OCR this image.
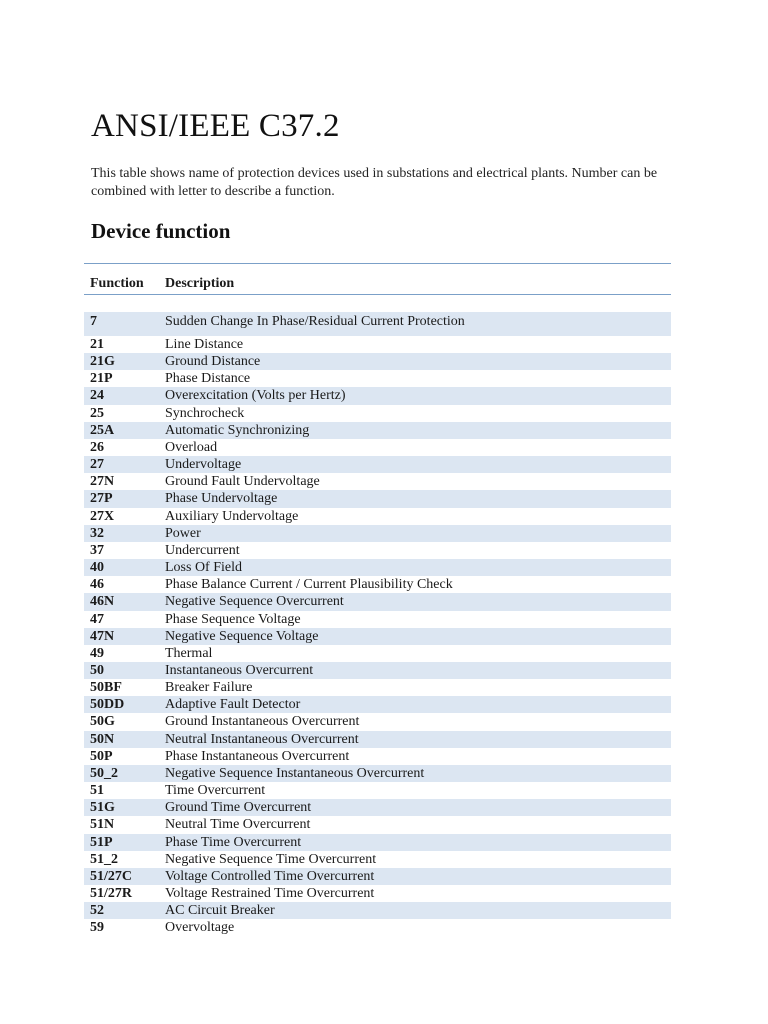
ANSI/IEEE C37.2

This table shows name of protection devices used in substations and electrical plants. Number can be combined with letter to describe a function.

Device function
Function Description
7	Sudden Change In Phase/Residual Current Protection
21	Line Distance
21G	Ground Distance
21P	Phase Distance
24	Overexcitation (Volts per Hertz)
25	Synchrocheck
25A	Automatic Synchronizing
26	Overload
27	Undervoltage
27N	Ground Fault Undervoltage
27P	Phase Undervoltage
27X	Auxiliary Undervoltage
32	Power
37	Undercurrent
40	Loss Of Field
46	Phase Balance Current / Current Plausibility Check
46N	Negative Sequence Overcurrent
47	Phase Sequence Voltage
47N	Negative Sequence Voltage
49	Thermal
50	Instantaneous Overcurrent
50BF	Breaker Failure
50DD	Adaptive Fault Detector
50G	Ground Instantaneous Overcurrent
50N	Neutral Instantaneous Overcurrent
50P	Phase Instantaneous Overcurrent
50_2	Negative Sequence Instantaneous Overcurrent
51	Time Overcurrent
51G	Ground Time Overcurrent
51N	Neutral Time Overcurrent
51P	Phase Time Overcurrent
51_2	Negative Sequence Time Overcurrent
51/27C Voltage Controlled Time Overcurrent
51/27R Voltage Restrained Time Overcurrent
52	AC Circuit Breaker
59	Overvoltage
